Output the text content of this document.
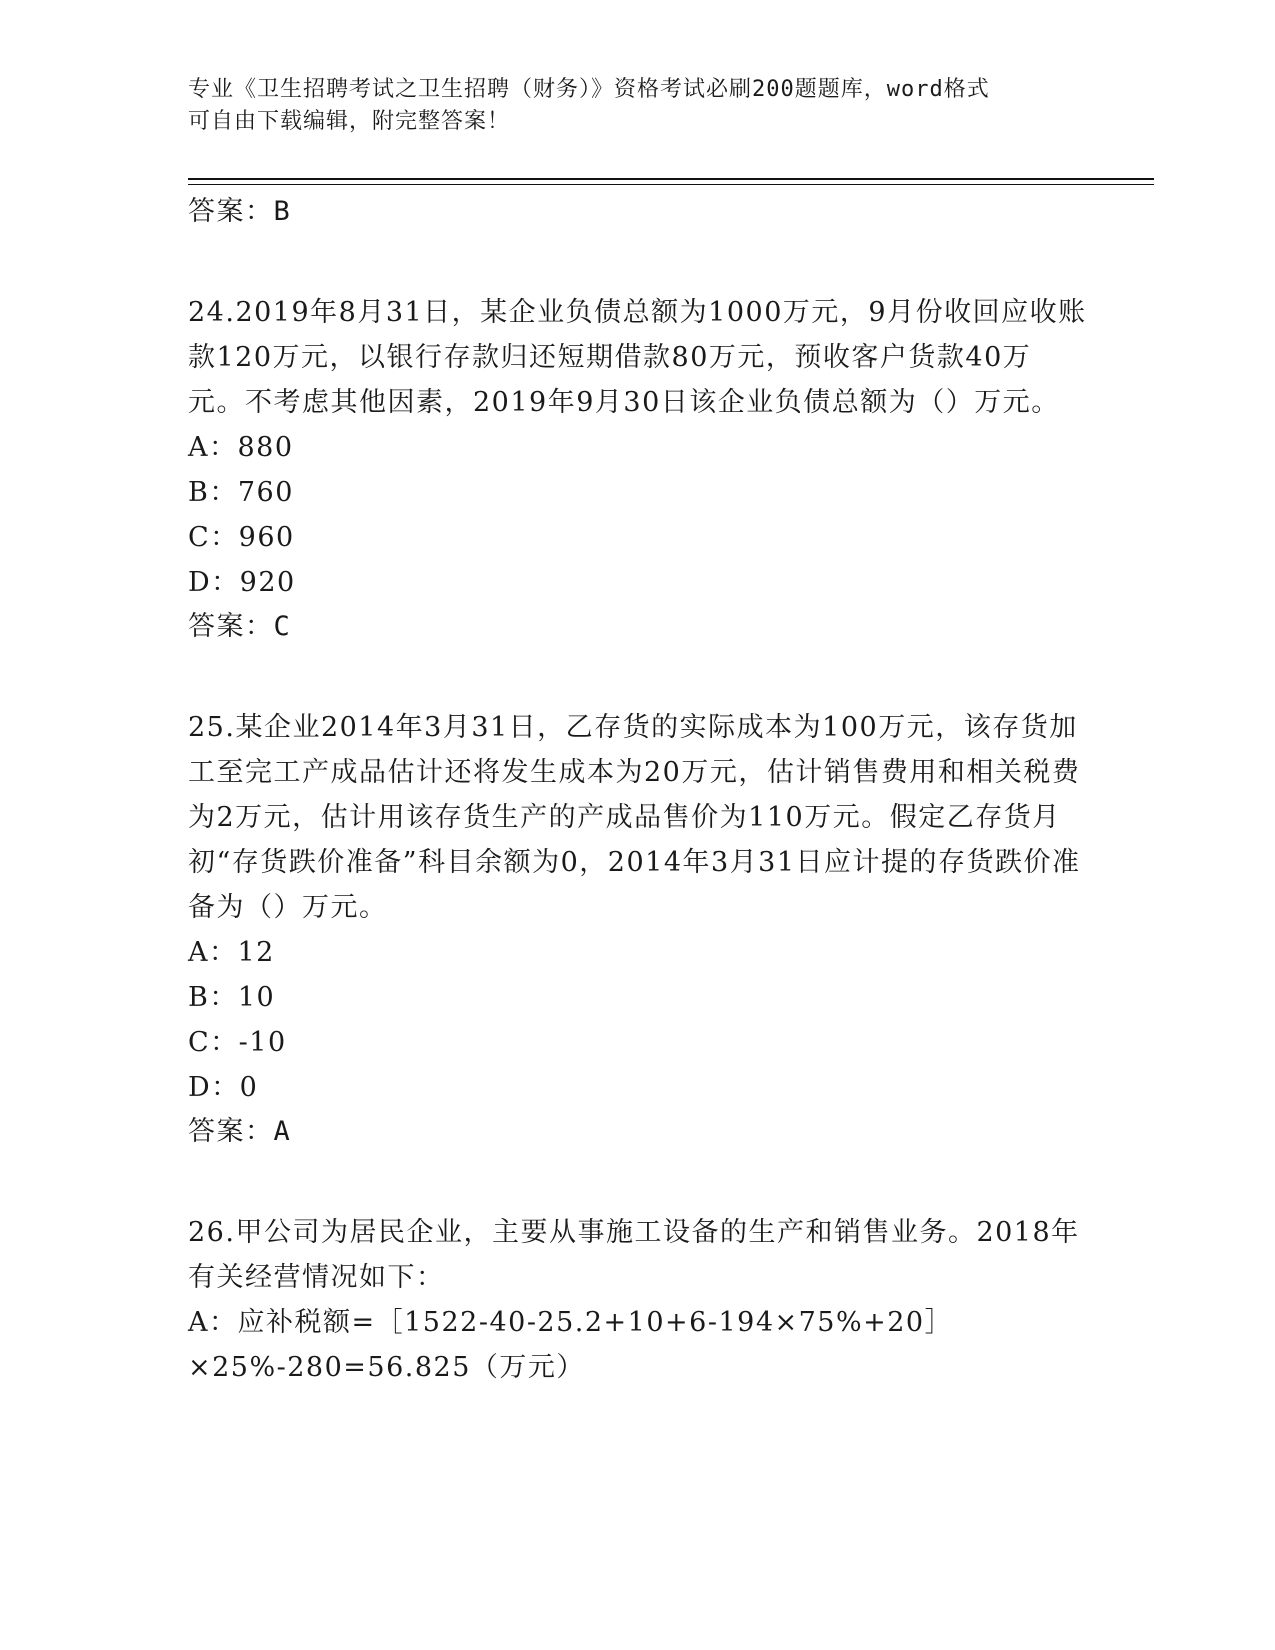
专业《卫生招聘考试之卫生招聘（财务）》资格考试必刷200题题库，word格式
可自由下载编辑，附完整答案！
答案：B
24.2019年8月31日，某企业负债总额为1000万元，9月份收回应收账款120万元，以银行存款归还短期借款80万元，预收客户货款40万元。不考虑其他因素，2019年9月30日该企业负债总额为（）万元。
A：880
B：760
C：960
D：920
答案：C
25.某企业2014年3月31日，乙存货的实际成本为100万元，该存货加工至完工产成品估计还将发生成本为20万元，估计销售费用和相关税费为2万元，估计用该存货生产的产成品售价为110万元。假定乙存货月初“存货跌价准备”科目余额为0，2014年3月31日应计提的存货跌价准备为（）万元。
A：12
B：10
C：-10
D：0
答案：A
26.甲公司为居民企业，主要从事施工设备的生产和销售业务。2018年有关经营情况如下：
A：应补税额=［1522-40-25.2+10+6-194×75%+20］×25%-280=56.825（万元）
